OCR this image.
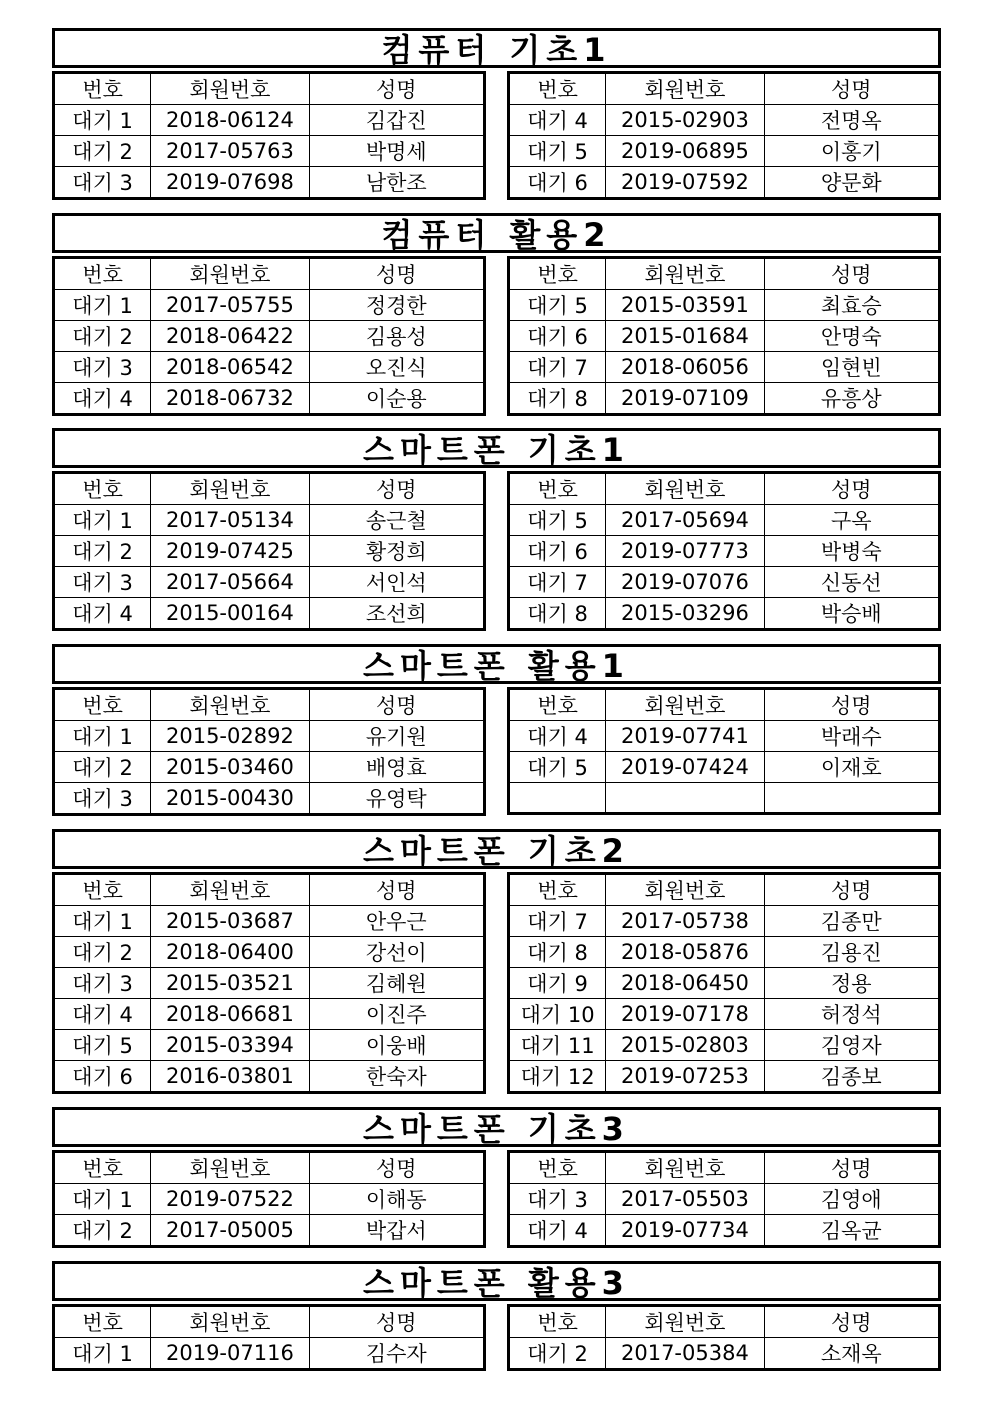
컴퓨터 기초1
번호	회원번호	성명
대기 1	2018-06124	김갑진
대기 2	2017-05763	박명세
대기 3	2019-07698	남한조
번호	회원번호	성명
대기 4	2015-02903	전명옥
대기 5	2019-06895	이홍기
대기 6	2019-07592	양문화
컴퓨터 활용2
번호	회원번호	성명
대기 1	2017-05755	정경한
대기 2	2018-06422	김용성
대기 3	2018-06542	오진식
대기 4	2018-06732	이순용
번호	회원번호	성명
대기 5	2015-03591	최효승
대기 6	2015-01684	안명숙
대기 7	2018-06056	임현빈
대기 8	2019-07109	유흥상
스마트폰 기초1
번호	회원번호	성명
대기 1	2017-05134	송근철
대기 2	2019-07425	황정희
대기 3	2017-05664	서인석
대기 4	2015-00164	조선희
번호	회원번호	성명
대기 5	2017-05694	구옥
대기 6	2019-07773	박병숙
대기 7	2019-07076	신동선
대기 8	2015-03296	박승배
스마트폰 활용1
번호	회원번호	성명
대기 1	2015-02892	유기원
대기 2	2015-03460	배영효
대기 3	2015-00430	유영탁
번호	회원번호	성명
대기 4	2019-07741	박래수
대기 5	2019-07424	이재호

스마트폰 기초2
번호	회원번호	성명
대기 1	2015-03687	안우근
대기 2	2018-06400	강선이
대기 3	2015-03521	김혜원
대기 4	2018-06681	이진주
대기 5	2015-03394	이웅배
대기 6	2016-03801	한숙자
번호	회원번호	성명
대기 7	2017-05738	김종만
대기 8	2018-05876	김용진
대기 9	2018-06450	정용
대기 10	2019-07178	허정석
대기 11	2015-02803	김영자
대기 12	2019-07253	김종보
스마트폰 기초3
번호	회원번호	성명
대기 1	2019-07522	이해동
대기 2	2017-05005	박갑서
번호	회원번호	성명
대기 3	2017-05503	김영애
대기 4	2019-07734	김옥균
스마트폰 활용3
번호	회원번호	성명
대기 1	2019-07116	김수자
번호	회원번호	성명
대기 2	2017-05384	소재옥
